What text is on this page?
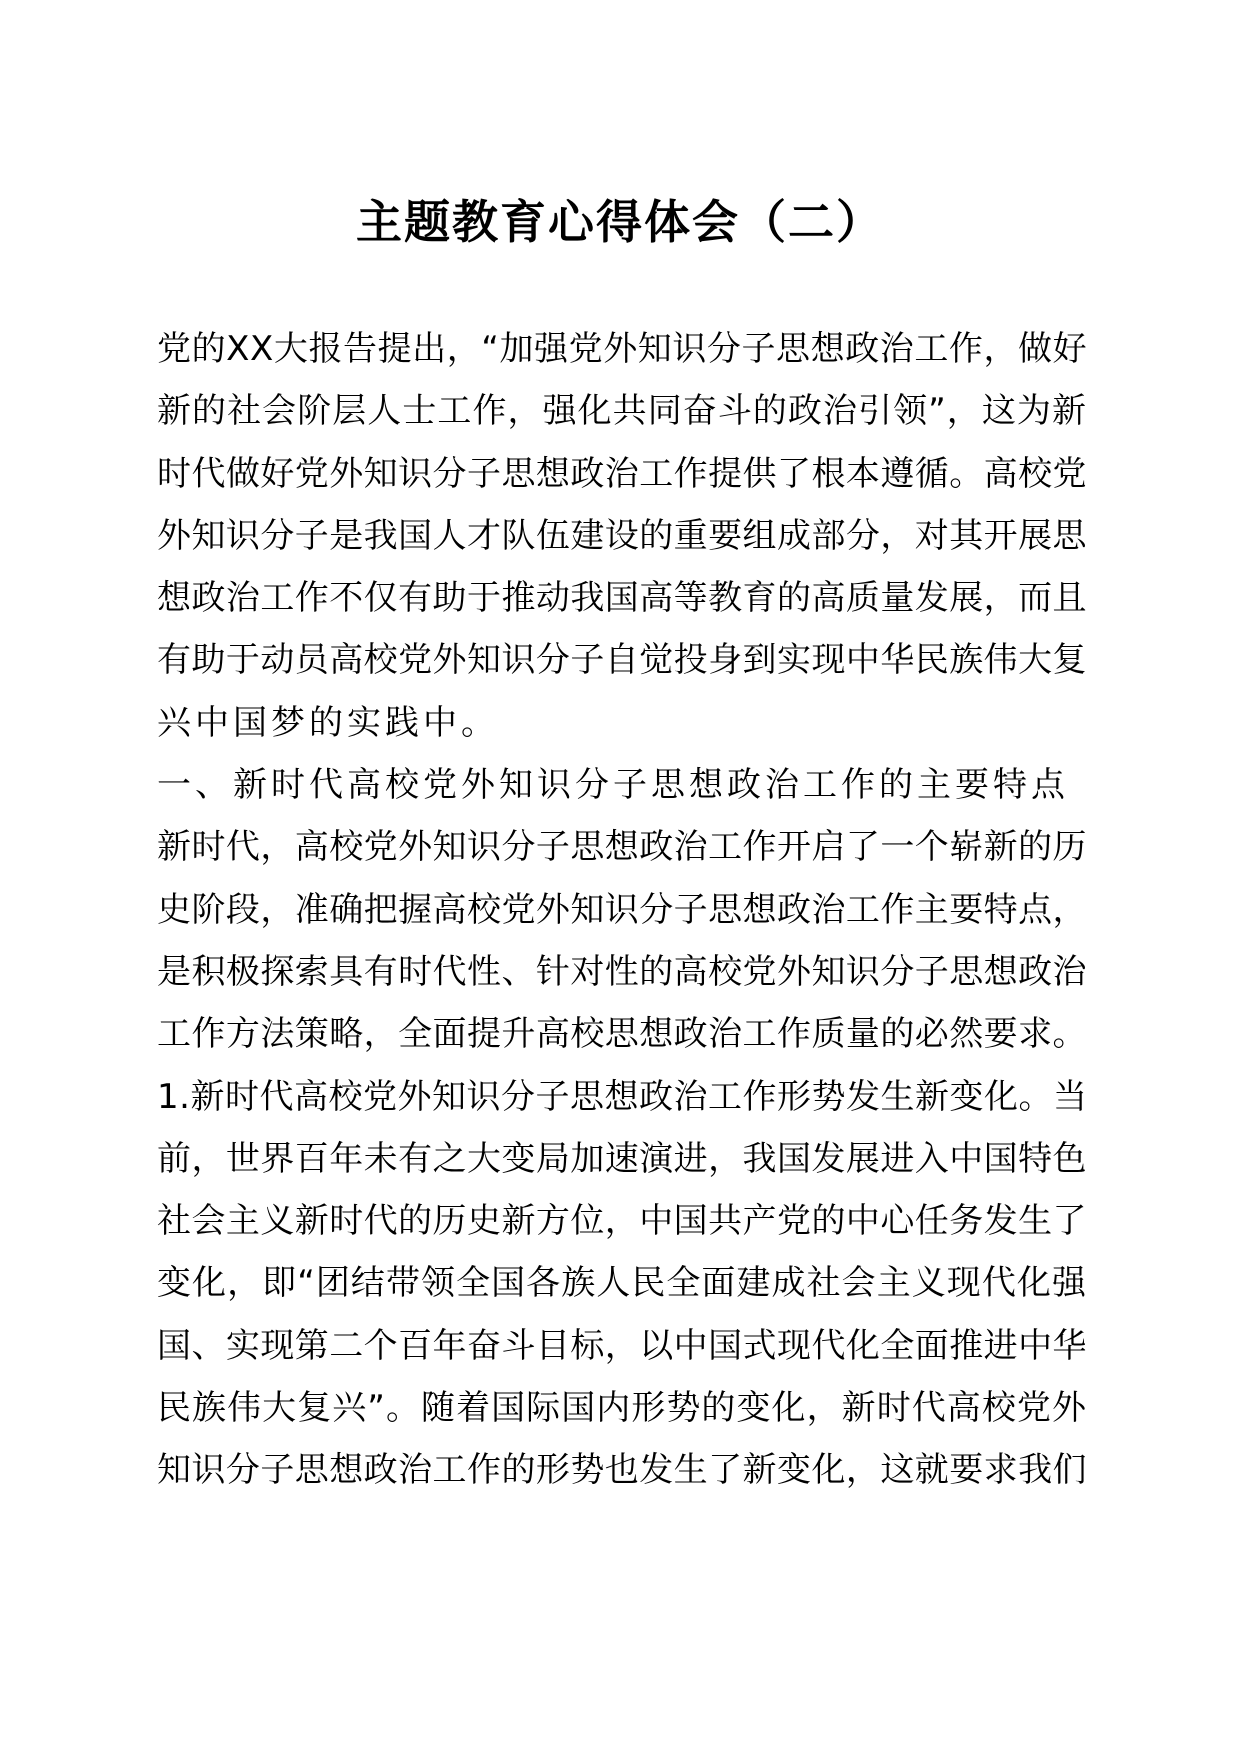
主题教育心得体会（二）
党的XX大报告提出，“加强党外知识分子思想政治工作，做好
新的社会阶层人士工作，强化共同奋斗的政治引领”，这为新
时代做好党外知识分子思想政治工作提供了根本遵循。高校党
外知识分子是我国人才队伍建设的重要组成部分，对其开展思
想政治工作不仅有助于推动我国高等教育的高质量发展，而且
有助于动员高校党外知识分子自觉投身到实现中华民族伟大复
兴中国梦的实践中。
一、新时代高校党外知识分子思想政治工作的主要特点
新时代，高校党外知识分子思想政治工作开启了一个崭新的历
史阶段，准确把握高校党外知识分子思想政治工作主要特点，
是积极探索具有时代性、针对性的高校党外知识分子思想政治
工作方法策略，全面提升高校思想政治工作质量的必然要求。
1.新时代高校党外知识分子思想政治工作形势发生新变化。当
前，世界百年未有之大变局加速演进，我国发展进入中国特色
社会主义新时代的历史新方位，中国共产党的中心任务发生了
变化，即“团结带领全国各族人民全面建成社会主义现代化强
国、实现第二个百年奋斗目标，以中国式现代化全面推进中华
民族伟大复兴”。随着国际国内形势的变化，新时代高校党外
知识分子思想政治工作的形势也发生了新变化，这就要求我们
